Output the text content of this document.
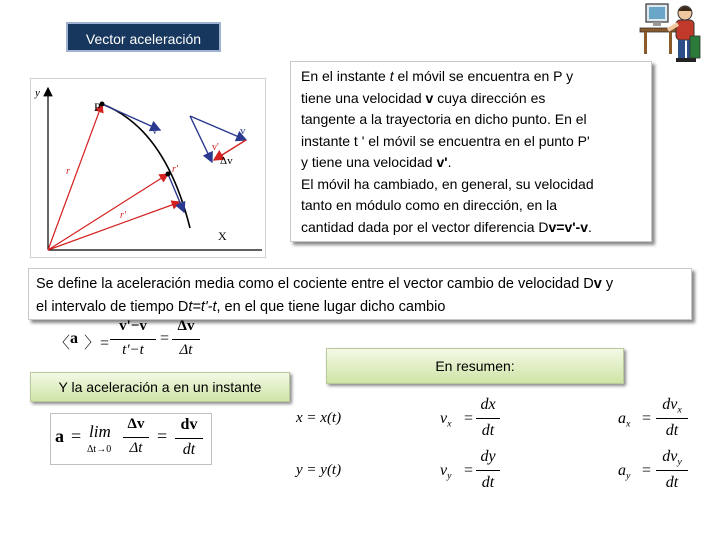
Vector aceleración
y
P
v	v
v
v'
Δv
r	r'
r'
X
En el instante t el móvil se encuentra en P y
tiene una velocidad v cuya dirección es
tangente a la trayectoria en dicho punto. En el
instante t ' el móvil se encuentra en el punto P'
y tiene una velocidad v'.
El móvil ha cambiado, en general, su velocidad
tanto en módulo como en dirección, en la
cantidad dada por el vector diferencia Dv=v'-v.
Se define la aceleración media como el cociente entre el vector cambio de velocidad Dv y
el intervalo de tiempo Dt=t'-t, en el que tiene lugar dicho cambio
〈 a 〉=
v'−v
t'−t
=
Δv
Δt
Y la aceleración a en un instante
a = lim
Δt→0
Δv
Δt
=
dv
dt
En resumen:
x = x(t)	$v_x$ =
dx
dt
$a_x$ =
$dv_x$
dt
y = y(t)	$v_y$ =
dy
dt
$a_y$ =
$dv_y$
dt
